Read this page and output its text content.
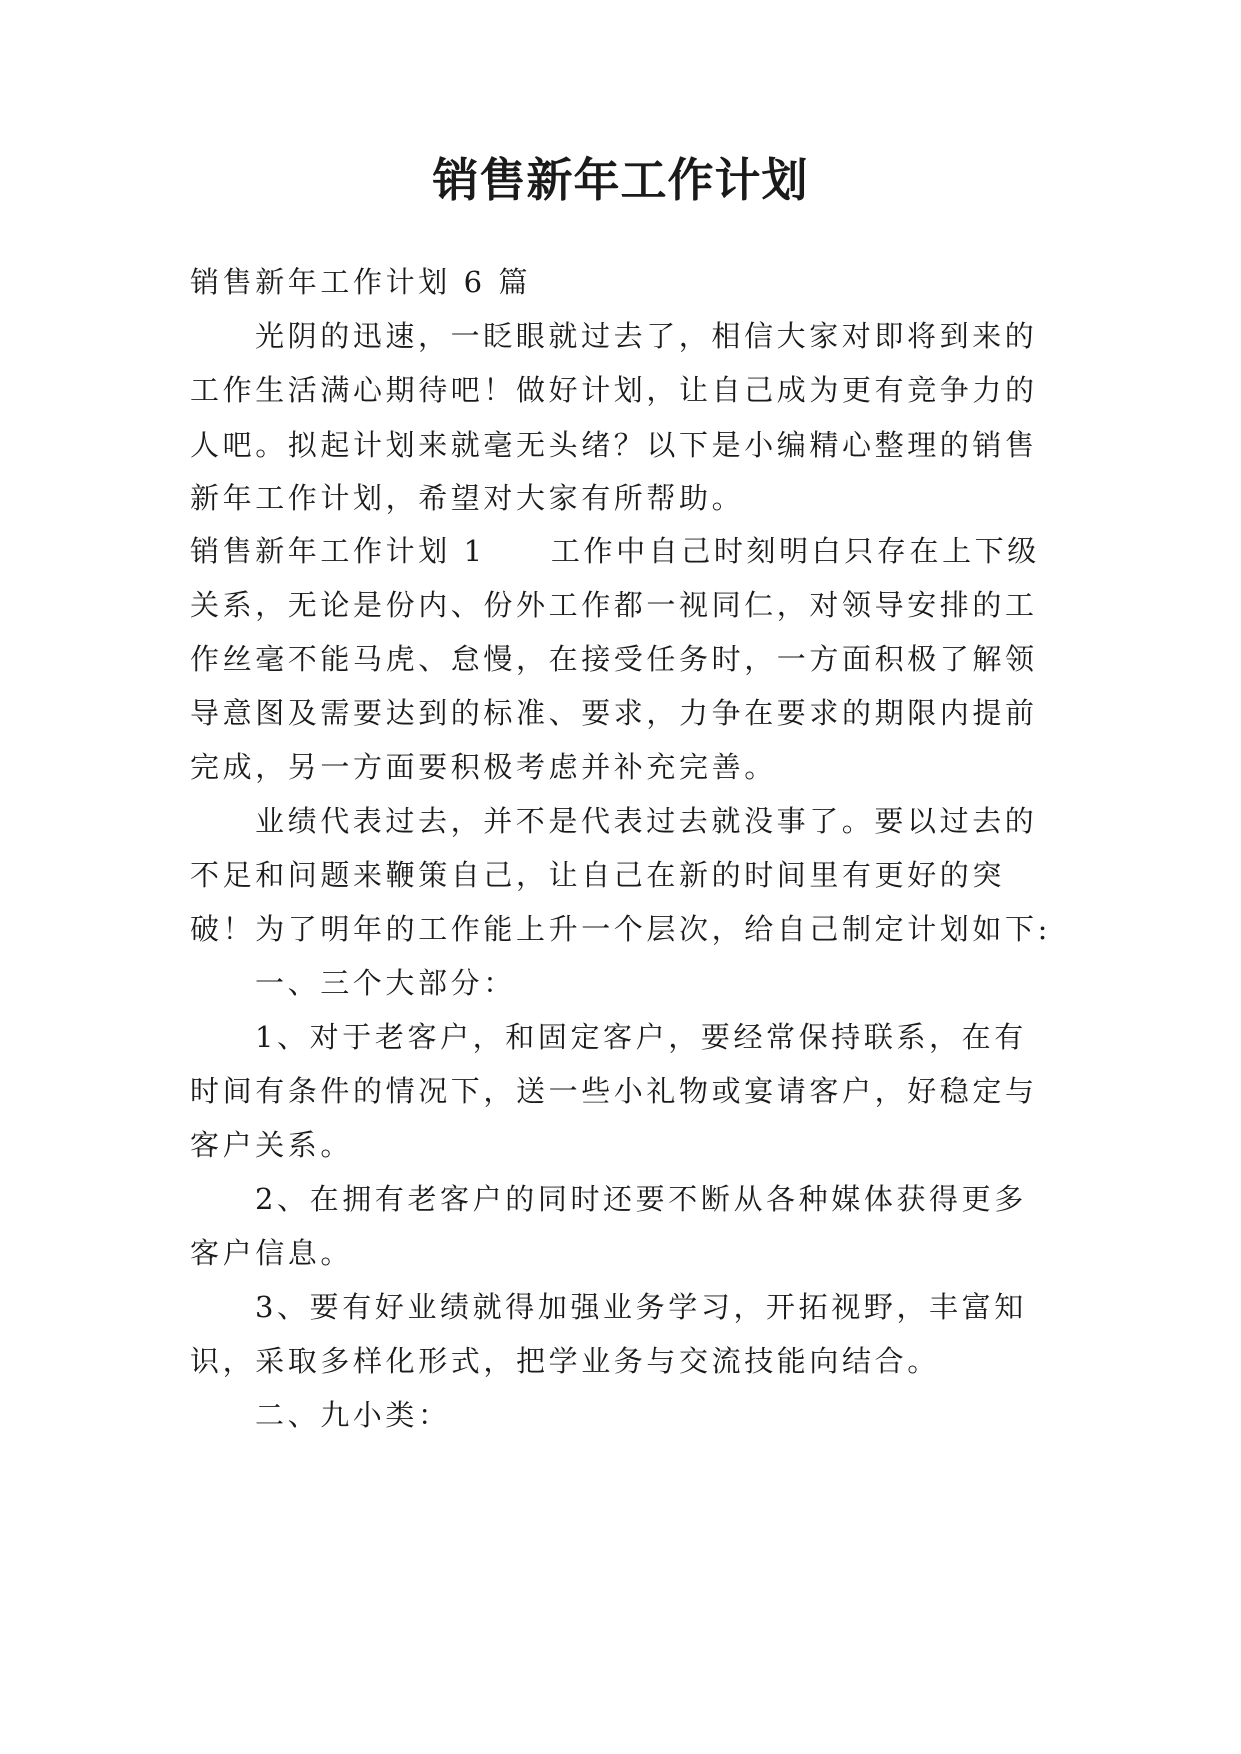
销售新年工作计划
销售新年工作计划 6 篇
光阴的迅速，一眨眼就过去了，相信大家对即将到来的
工作生活满心期待吧！做好计划，让自己成为更有竞争力的
人吧。拟起计划来就毫无头绪？以下是小编精心整理的销售
新年工作计划，希望对大家有所帮助。
销售新年工作计划 1　　工作中自己时刻明白只存在上下级
关系，无论是份内、份外工作都一视同仁，对领导安排的工
作丝毫不能马虎、怠慢，在接受任务时，一方面积极了解领
导意图及需要达到的标准、要求，力争在要求的期限内提前
完成，另一方面要积极考虑并补充完善。
业绩代表过去，并不是代表过去就没事了。要以过去的
不足和问题来鞭策自己，让自己在新的时间里有更好的突
破！为了明年的工作能上升一个层次，给自己制定计划如下:
一、三个大部分：
1、对于老客户，和固定客户，要经常保持联系，在有
时间有条件的情况下，送一些小礼物或宴请客户，好稳定与
客户关系。
2、在拥有老客户的同时还要不断从各种媒体获得更多
客户信息。
3、要有好业绩就得加强业务学习，开拓视野，丰富知
识，采取多样化形式，把学业务与交流技能向结合。
二、九小类：
